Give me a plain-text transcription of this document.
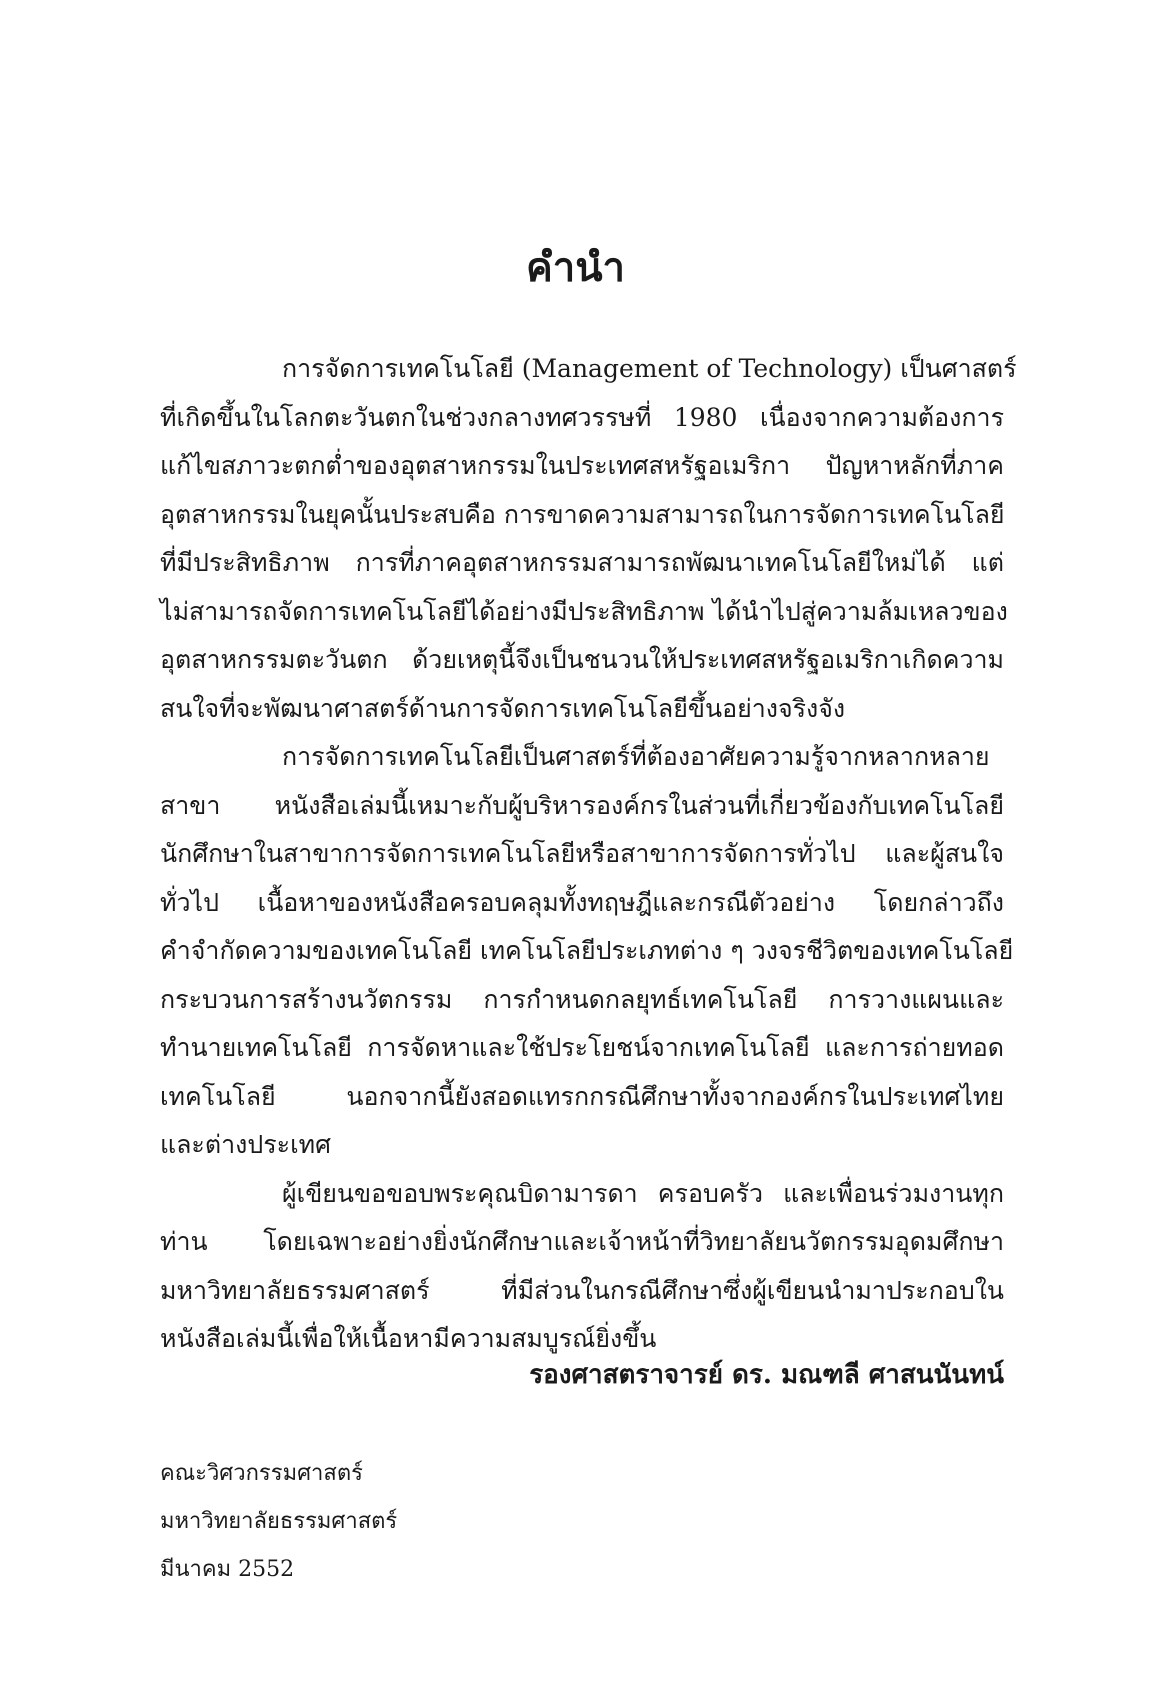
คำนำ
การจัดการเทคโนโลยี (Management of Technology) เป็นศาสตร์
ที่เกิดขึ้นในโลกตะวันตกในช่วงกลางทศวรรษที่ 1980 เนื่องจากความต้องการ
แก้ไขสภาวะตกต่ำของอุตสาหกรรมในประเทศสหรัฐอเมริกา ปัญหาหลักที่ภาค
อุตสาหกรรมในยุคนั้นประสบคือ การขาดความสามารถในการจัดการเทคโนโลยี
ที่มีประสิทธิภาพ การที่ภาคอุตสาหกรรมสามารถพัฒนาเทคโนโลยีใหม่ได้ แต่
ไม่สามารถจัดการเทคโนโลยีได้อย่างมีประสิทธิภาพ ได้นำไปสู่ความล้มเหลวของ
อุตสาหกรรมตะวันตก ด้วยเหตุนี้จึงเป็นชนวนให้ประเทศสหรัฐอเมริกาเกิดความ
สนใจที่จะพัฒนาศาสตร์ด้านการจัดการเทคโนโลยีขึ้นอย่างจริงจัง
การจัดการเทคโนโลยีเป็นศาสตร์ที่ต้องอาศัยความรู้จากหลากหลาย
สาขา หนังสือเล่มนี้เหมาะกับผู้บริหารองค์กรในส่วนที่เกี่ยวข้องกับเทคโนโลยี
นักศึกษาในสาขาการจัดการเทคโนโลยีหรือสาขาการจัดการทั่วไป และผู้สนใจ
ทั่วไป เนื้อหาของหนังสือครอบคลุมทั้งทฤษฎีและกรณีตัวอย่าง โดยกล่าวถึง
คำจำกัดความของเทคโนโลยี เทคโนโลยีประเภทต่าง ๆ วงจรชีวิตของเทคโนโลยี
กระบวนการสร้างนวัตกรรม การกำหนดกลยุทธ์เทคโนโลยี การวางแผนและ
ทำนายเทคโนโลยี การจัดหาและใช้ประโยชน์จากเทคโนโลยี และการถ่ายทอด
เทคโนโลยี นอกจากนี้ยังสอดแทรกกรณีศึกษาทั้งจากองค์กรในประเทศไทย
และต่างประเทศ
ผู้เขียนขอขอบพระคุณบิดามารดา ครอบครัว และเพื่อนร่วมงานทุก
ท่าน โดยเฉพาะอย่างยิ่งนักศึกษาและเจ้าหน้าที่วิทยาลัยนวัตกรรมอุดมศึกษา
มหาวิทยาลัยธรรมศาสตร์ ที่มีส่วนในกรณีศึกษาซึ่งผู้เขียนนำมาประกอบใน
หนังสือเล่มนี้เพื่อให้เนื้อหามีความสมบูรณ์ยิ่งขึ้น
รองศาสตราจารย์ ดร. มณฑลี ศาสนนันทน์
คณะวิศวกรรมศาสตร์
มหาวิทยาลัยธรรมศาสตร์
มีนาคม 2552
